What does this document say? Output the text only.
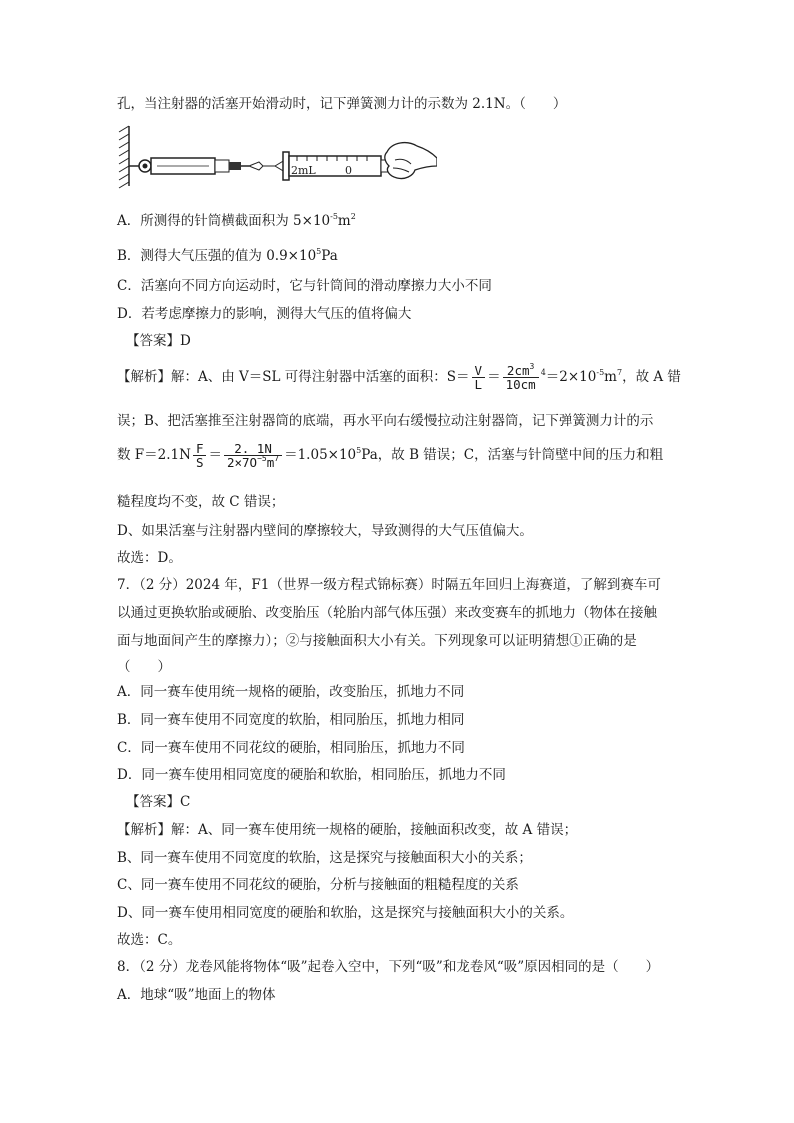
孔，当注射器的活塞开始滑动时，记下弹簧测力计的示数为 2.1N。（　　）
2mL	0
A．所测得的针筒横截面积为 $5\times 10^{-5}m^2$
B．测得大气压强的值为 $0.9\times 10^5Pa$
C．活塞向不同方向运动时，它与针筒间的滑动摩擦力大小不同
D．若考虑摩擦力的影响，测得大气压的值将偏大
【答案】D
【解析】解：A、由 V＝SL 可得注射器中活塞的面积：$S= \frac{V}{L} = \frac{2cm^3}{10cm} ^4=2\times 10^{-5}m^7$，故 A 错
误；B、把活塞推至注射器筒的底端，再水平向右缓慢拉动注射器筒，记下弹簧测力计的示
数 $F=2.1N \frac{F}{S} = \frac{2. 1N}{2\times 7O^{-5}m^7} =1.05\times 10^5Pa$，故 B 错误；C，活塞与针筒壁中间的压力和粗
糙程度均不变，故 C 错误；
D、如果活塞与注射器内壁间的摩擦较大，导致测得的大气压值偏大。
故选：D。
7．（2 分）2024 年，F1（世界一级方程式锦标赛）时隔五年回归上海赛道，了解到赛车可
以通过更换软胎或硬胎、改变胎压（轮胎内部气体压强）来改变赛车的抓地力（物体在接触
面与地面间产生的摩擦力）；②与接触面积大小有关。下列现象可以证明猜想①正确的是
（　　）
A．同一赛车使用统一规格的硬胎，改变胎压，抓地力不同
B．同一赛车使用不同宽度的软胎，相同胎压，抓地力相同
C．同一赛车使用不同花纹的硬胎，相同胎压，抓地力不同
D．同一赛车使用相同宽度的硬胎和软胎，相同胎压，抓地力不同
【答案】C
【解析】解：A、同一赛车使用统一规格的硬胎，接触面积改变，故 A 错误；
B、同一赛车使用不同宽度的软胎，这是探究与接触面积大小的关系；
C、同一赛车使用不同花纹的硬胎，分析与接触面的粗糙程度的关系
D、同一赛车使用相同宽度的硬胎和软胎，这是探究与接触面积大小的关系。
故选：C。
8．（2 分）龙卷风能将物体“吸”起卷入空中，下列“吸”和龙卷风“吸”原因相同的是（　　）
A．地球“吸”地面上的物体
